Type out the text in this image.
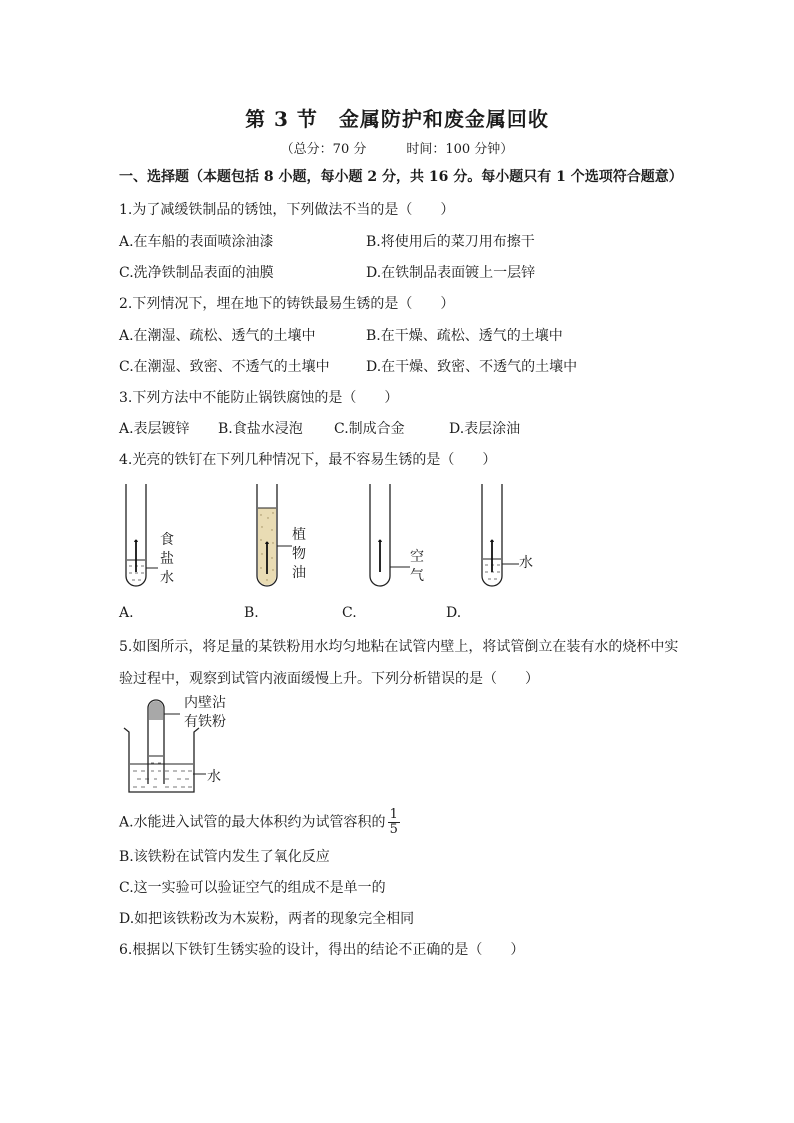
第 3 节　金属防护和废金属回收
（总分：70 分	时间：100 分钟）
一、选择题（本题包括 8 小题，每小题 2 分，共 16 分。每小题只有 1 个选项符合题意）
1.为了减缓铁制品的锈蚀，下列做法不当的是（　　）
A.在车船的表面喷涂油漆	B.将使用后的菜刀用布擦干
C.洗净铁制品表面的油膜	D.在铁制品表面镀上一层锌
2.下列情况下，埋在地下的铸铁最易生锈的是（　　）
A.在潮湿、疏松、透气的土壤中	B.在干燥、疏松、透气的土壤中
C.在潮湿、致密、不透气的土壤中	D.在干燥、致密、不透气的土壤中
3.下列方法中不能防止锅铁腐蚀的是（　　）
A.表层镀锌 B.食盐水浸泡 C.制成合金	D.表层涂油
4.光亮的铁钉在下列几种情况下，最不容易生锈的是（　　）
食
盐
水
植
物
油
空
气
水
A.	B.	C.	D.
5.如图所示，将足量的某铁粉用水均匀地粘在试管内壁上，将试管倒立在装有水的烧杯中实
验过程中，观察到试管内液面缓慢上升。下列分析错误的是（　　）
内壁沾
有铁粉
水
A.水能进入试管的最大体积约为试管容积的 $\frac{1}{5}$
B.该铁粉在试管内发生了氧化反应
C.这一实验可以验证空气的组成不是单一的
D.如把该铁粉改为木炭粉，两者的现象完全相同
6.根据以下铁钉生锈实验的设计，得出的结论不正确的是（　　）
